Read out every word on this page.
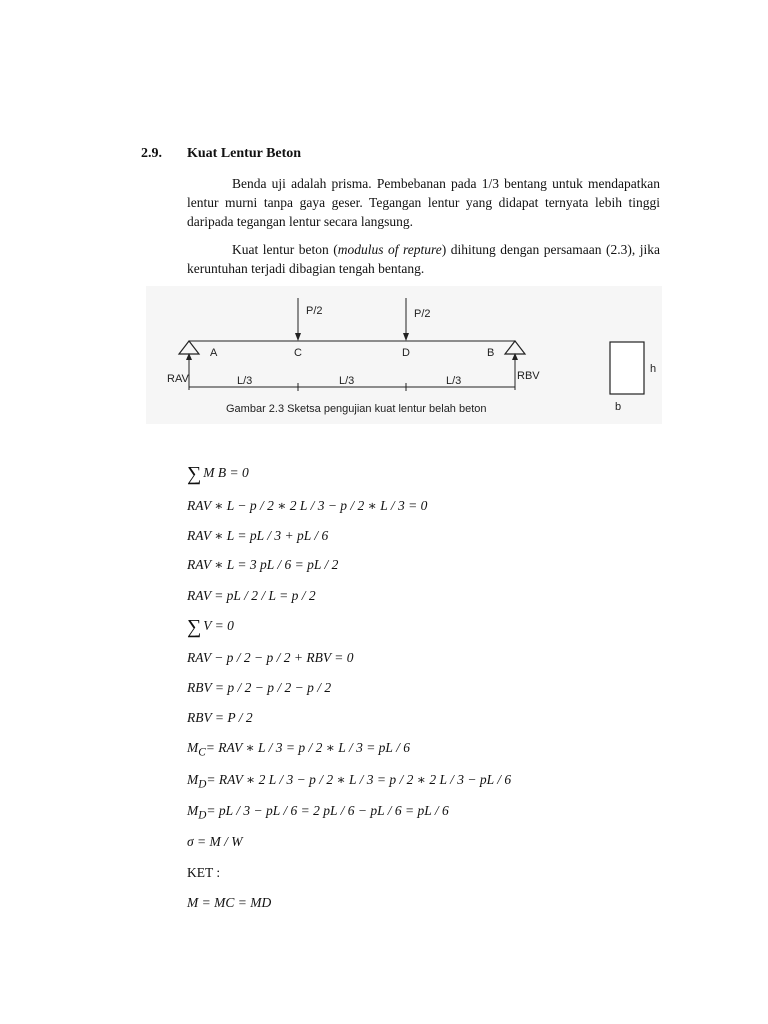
2.9. Kuat Lentur Beton

Benda uji adalah prisma. Pembebanan pada 1/3 bentang untuk mendapatkan lentur murni tanpa gaya geser. Tegangan lentur yang didapat ternyata lebih tinggi daripada tegangan lentur secara langsung.

Kuat lentur beton (modulus of repture) dihitung dengan persamaan (2.3), jika keruntuhan terjadi dibagian tengah bentang.

P/2	P/2
A	C	D	B
RAV	RBV
L/3	L/3	L/3
Gambar 2.3 Sketsa pengujian kuat lentur belah beton
h
b
∑ M B = 0
RAV ∗ L − p / 2 ∗ 2 L / 3 − p / 2 ∗ L / 3 = 0
RAV ∗ L = pL / 3 + pL / 6
RAV ∗ L = 3 pL / 6 = pL / 2
RAV = pL / 2 / L = p / 2
∑ V = 0
RAV − p / 2 − p / 2 + RBV = 0
RBV = p / 2 − p / 2 − p / 2
RBV = P / 2
$M_C=$ RAV ∗ L / 3 = p / 2 ∗ L / 3 = pL / 6
$M_D=$ RAV ∗ 2 L / 3 − p / 2 ∗ L / 3 = p / 2 ∗ 2 L / 3 − pL / 6
$M_D=$ pL / 3 − pL / 6 = 2 pL / 6 − pL / 6 = pL / 6
σ = M / W
KET :
M = MC = MD
